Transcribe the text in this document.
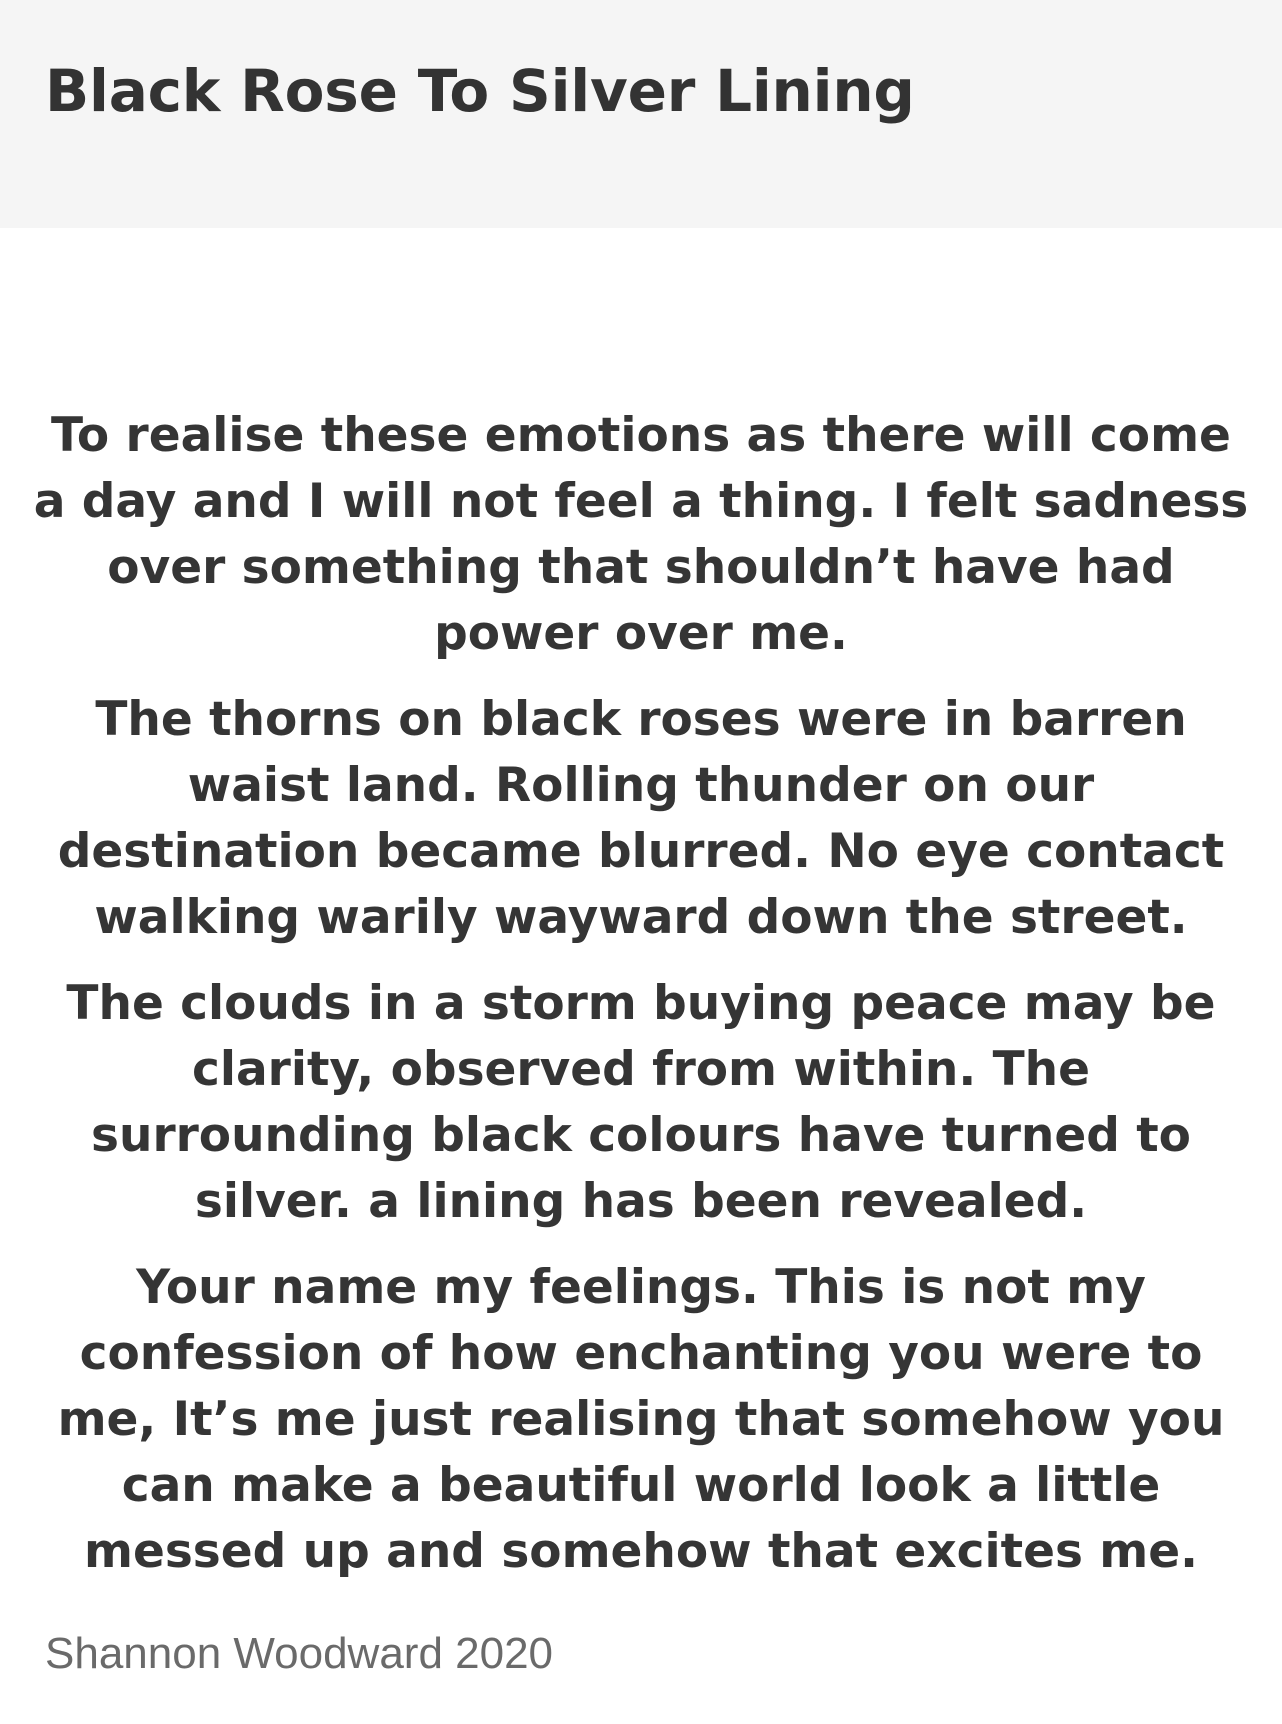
Black Rose To Silver Lining

To realise these emotions as there will come
a day and I will not feel a thing. I felt sadness
over something that shouldn’t have had
power over me.

The thorns on black roses were in barren
waist land. Rolling thunder on our
destination became blurred. No eye contact
walking warily wayward down the street.

The clouds in a storm buying peace may be
clarity, observed from within. The
surrounding black colours have turned to
silver. a lining has been revealed.

Your name my feelings. This is not my
confession of how enchanting you were to
me, It’s me just realising that somehow you
can make a beautiful world look a little
messed up and somehow that excites me.

Shannon Woodward 2020
